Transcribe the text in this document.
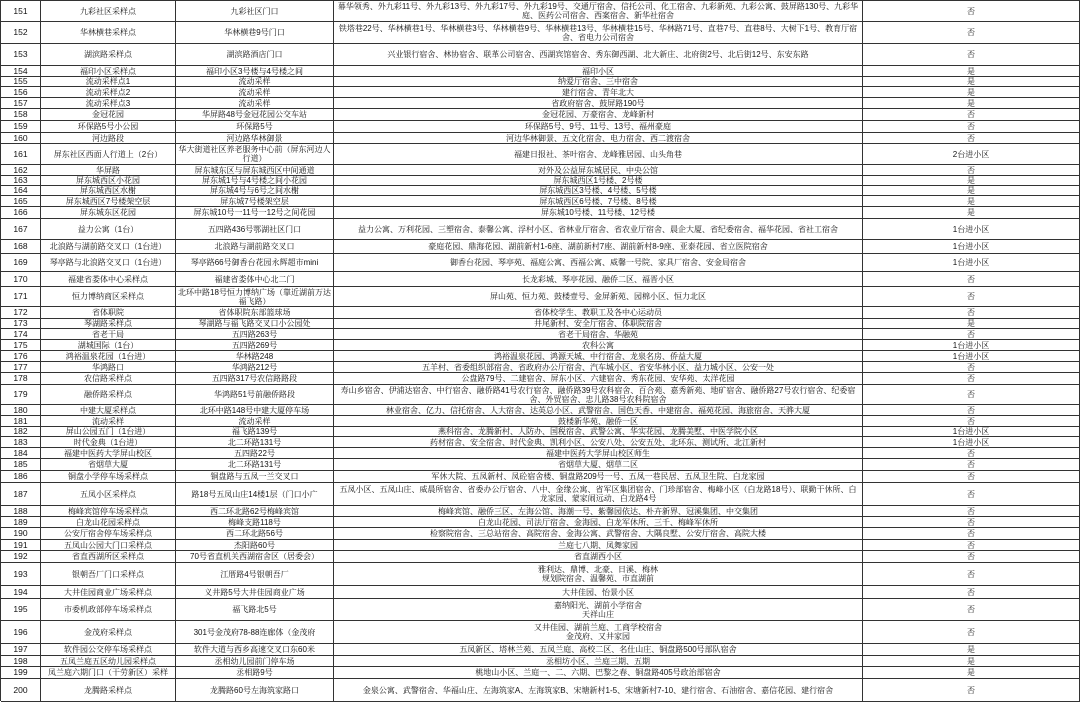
151	九彩社区采样点	九彩社区门口	幕华领秀、外九彩11号、外九彩13号、外九彩17号、外九彩19号、交通厅宿舍、信托公司、化工宿舍、九彩新苑、九彩公寓、鼓屏路130号、九彩华庭、医药公司宿舍、西案宿舍、新华社宿舍	否
152	华林横巷采样点	华林横巷9号门口	铁塔巷22号、华林横巷1号、华林横巷3号、华林横巷9号、华林横巷13号、华林横巷15号、华林路71号、直巷7号、直巷8号、大树下1号、教育厅宿舍、省电力公司宿舍	否
153	湖滨路采样点	湖滨路酒店门口	兴业银行宿舍、林协宿舍、联革公司宿舍、西湖宾馆宿舍、秀东御西湖、北大新庄、北府街2号、北后街12号、东安东路	否
154	福印小区采样点	福印小区3号楼与4号楼之间	福印小区	是
155	流动采样点1	流动采样	纳爱厅宿舍、三中宿舍	是
156	流动采样点2	流动采样	建行宿舍、青年北大	是
157	流动采样点3	流动采样	省政府宿舍、鼓屏路190号	是
158	金冠花园	华屏路48号金冠花园公交车站	金冠花园、万豪宿舍、龙峰新村	否
159	环保路5号小公园	环保路5号	环保路5号、9号、11号、13号、福州豪庭	否
160	河边路段	河边路华林御景	河边华林御景、五文化宿舍、电力宿舍、西二渡宿舍	否
161	屏东社区西面人行道上（2台）	华大街道社区养老服务中心前（屏东河边人行道）	福建日报社、茶叶宿舍、龙峰雅居园、山头角巷	2台进小区
162	华屏路	屏东城东区与屏东城西区中间通道	对外及公益屏东城居民、中央公馆	否
163	屏东城西区小花园	屏东城1号与4号楼之间小花园	屏东城西区1号楼、2号楼	是
164	屏东城西区水榭	屏东城4号与6号之间水榭	屏东城西区3号楼、4号楼、5号楼	是
165	屏东城西区7号楼架空层	屏东城7号楼架空层	屏东城西区6号楼、7号楼、8号楼	是
166	屏东城东区花园	屏东城10号一11号一12号之间花园	屏东城10号楼、11号楼、12号楼	是
167	益力公寓（1台）	五四路436号鄂湖社区门口	益力公寓、万利花园、三塑宿舍、泰馨公寓、浮村小区、省林业厅宿舍、省农业厅宿舍、晨企大厦、省纪委宿舍、福华花园、省社工宿舍	1台进小区
168	北浪路与湖前路交叉口（1台进）	北浪路与湖前路交叉口	豪庭花园、鼎海花园、湖前新村1-6座、湖前新村7座、湖前新村8-9座、亚泰花园、省立医院宿舍	1台进小区
169	琴亭路与北浪路交叉口（1台进）	琴亭路66号御香台花园永辉超市mini	御香台花园、琴亭苑、福庭公寓、西福公寓、威馨一号院、家具厂宿舍、安金局宿舍	1台进小区
170	福建省娄体中心采样点	福建省娄体中心北二门	长龙彩城、琴亭花园、融侨二区、福晋小区	否
171	恒力博纳商区采样点	北环中路18号恒力博纳广场（靠近湖前万达福飞路）	屏山苑、恒力苑、鼓楼壹号、金屏新苑、园棉小区、恒力北区	否
172	省体职院	省体职院东部篮球场	省体校学生、教职工及各中心运动员	否
173	琴湖路采样点	琴湖路与福飞路交叉口小公园处	井尾新村、安全厅宿舍、体职院宿舍	是
174	省老干局	五四路263号	省老干局宿舍、华融苑	否
175	湖城国际（1台）	五四路269号	农科公寓	1台进小区
176	鸿裕温泉花园（1台进）	华林路248	鸿裕温泉花园、鸿源天城、中行宿舍、龙泉名房、侨益大厦	1台进小区
177	华鸿路口	华鸿路212号	五羊村、省委组织部宿舍、省政府办公厅宿舍、汽车城小区、省安华林小区、益力城小区、公安一处	否
178	农信路采样点	五四路317号农信路路段	公盘路79号、二建宿舍、屏东小区、六建宿舍、秀东花园、安华苑、太洋花园	否
179	融侨路采样点	华鸿路51号前融侨路段	寿山乡宿舍、伊浦达宿舍、中行宿舍、融侨路41号农行宿舍、融侨路39号农科宿舍、百合苑、嘉秀新苑、地矿宿舍、融侨路27号农行宿舍、纪委宿舍、外贸宿舍、忠儿路38号农科院宿舍	否
180	中建大厦采样点	北环中路148号中建大厦停车场	林业宿舍、亿力、信托宿舍、人大宿舍、达英总小区、武警宿舍、国色天香、中建宿舍、福苑花园、海旅宿舍、天骅大厦	否
181	流动采样	流动采样	鼓楼新华苑、融侨一区	否
182	屏山公园五门（1台进）	福飞路139号	燕科宿舍、龙腾新村、人防办、国税宿舍、武警公寓、华实花园、龙腾美墅、中医学院小区	1台进小区
183	时代金典（1台进）	北二环路131号	药材宿舍、安全宿舍、时代金典、凯利小区、公安八处、公安五处、北环东、测试所、北江新村	1台进小区
184	福建中医药大学屏山校区	五四路22号	福建中医药大学屏山校区师生	否
185	省烟草大厦	北二环路131号	省烟草大厦、烟草二区	否
186	铜盘小学停车场采样点	铜盘路与五凤一兰交叉口	军休大院、五凤新村、凤砼宿舍楼、铜盘路209号一号、五凤一巷民居、五凤卫生院、白龙家园	否
187	五凤小区采样点	路18号五凤山庄14楼1层（门口小广	五凤小区、五凤山庄、威晨所宿舍、省委办公厅宿舍、八中、金缘公寓、省军区集团宿舍、门珍部宿舍、梅峰小区（白龙路18号）、联勤干休所、白龙家园、蒙家闹远动、白龙路4号	否
188	梅峰宾馆停车场采样点	西二环北路62号梅峰宾馆	梅峰宾馆、融侨三区、左海公馆、海潮一号、紫馨园依达、朴卉新界、冠溪集团、中交集团	否
189	白龙山花园采样点	梅峰支路118号	白龙山花园、司法厅宿舍、金海园、白龙军休所、三千、梅峰军休所	否
190	公安厅宿舍停车场采样点	西二环北路56号	检察院宿舍、三总站宿舍、高院宿舍、金海公寓、武警宿舍、大隅良墅、公安厅宿舍、高院大楼	否
191	五凤山公园大门口采样点	杰阳路60号	兰庭七八期、凤舞家园	否
192	省直西湖所区采样点	70号省直机关西湖宿舍区（居委会）	省直湖西小区	否
193	银朝吾厂门口采样点	江厝路4号银朝吾厂	雅利达、鼎博、北豪、日溪、梅林
规划院宿舍、温馨苑、市直湖前	否
194	大井佳园商业广场采样点	义井路5号大井佳园商业广场	大井佳园、怡景小区	否
195	市委机政部停车场采样点	福飞路北5号	嘉纳阳光、湖前小学宿舍
天祥山庄	否
196	金茂府采样点	301号金茂府78-88连廊体（金茂府	又井佳园、湖前兰庭、工商学校宿舍
金茂府、又井家园	否
197	软件园公交停车场采样点	软件大道与西乡高速交叉口东60米	五凤新区、塔林兰苑、五凤兰庭、高校二区、名仕山庄、铜盘路500号部队宿舍	是
198	五凤兰庭五区幼儿园采样点	丞相幼儿园前门停车场	丞相坊小区、兰庭三期、五期	是
199	凤兰庭六期门口（干劳新区）采样	丞相路9号	桃地山小区、兰庭一、二、六期、巴黎之春、铜盘路405号政治部宿舍	是
200	龙腾路采样点	龙腾路60号左海筑家路口	金泉公寓、武警宿舍、华福山庄、左海筑家A、左海筑家B、宋塘新村1-5、宋塘新村7-10、建行宿舍、石油宿舍、嘉信花园、建行宿舍	否
